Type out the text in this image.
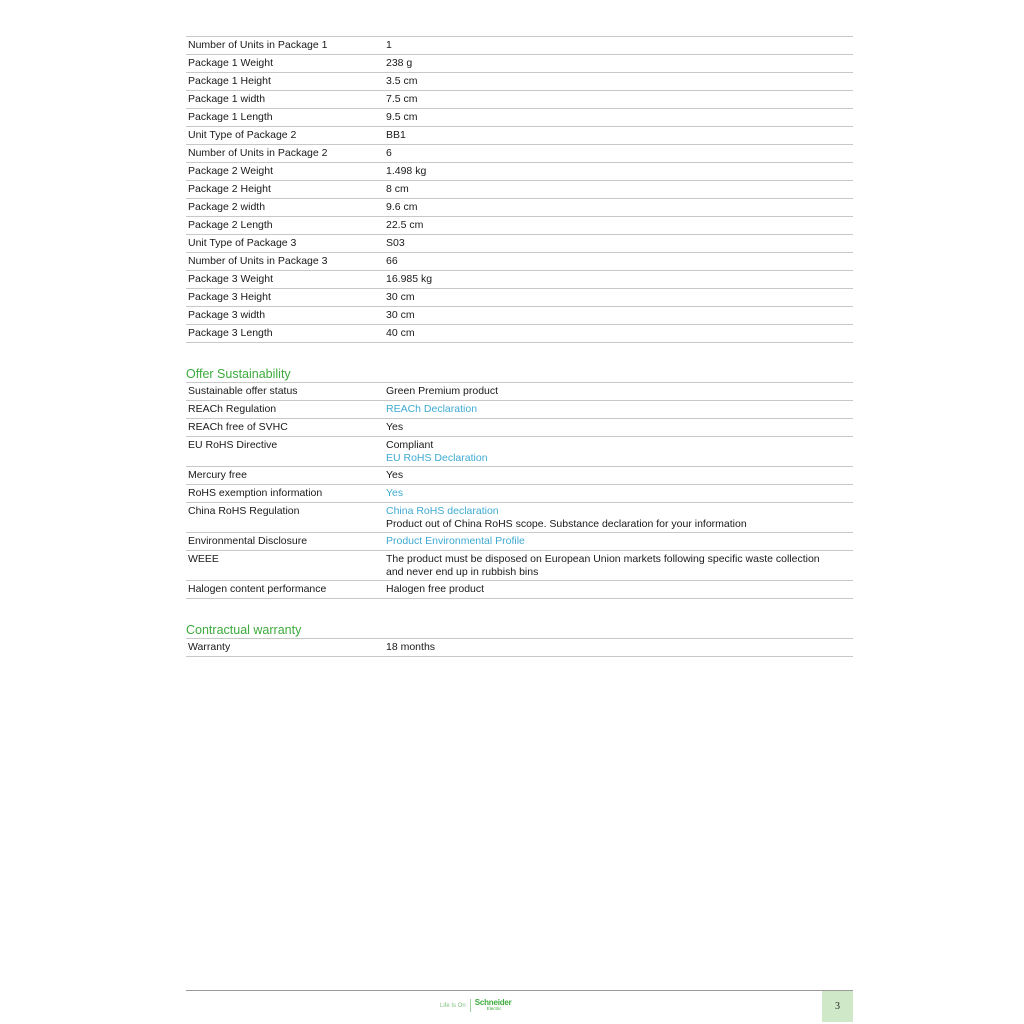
Number of Units in Package 1	1
Package 1 Weight	238 g
Package 1 Height	3.5 cm
Package 1 width	7.5 cm
Package 1 Length	9.5 cm
Unit Type of Package 2	BB1
Number of Units in Package 2	6
Package 2 Weight	1.498 kg
Package 2 Height	8 cm
Package 2 width	9.6 cm
Package 2 Length	22.5 cm
Unit Type of Package 3	S03
Number of Units in Package 3	66
Package 3 Weight	16.985 kg
Package 3 Height	30 cm
Package 3 width	30 cm
Package 3 Length	40 cm
Offer Sustainability
Sustainable offer status	Green Premium product
REACh Regulation	REACh Declaration
REACh free of SVHC	Yes
EU RoHS Directive	Compliant
EU RoHS Declaration
Mercury free	Yes
RoHS exemption information	Yes
China RoHS Regulation	China RoHS declaration
Product out of China RoHS scope. Substance declaration for your information
Environmental Disclosure	Product Environmental Profile
WEEE	The product must be disposed on European Union markets following specific waste collection and never end up in rubbish bins
Halogen content performance	Halogen free product
Contractual warranty
Warranty	18 months
Life Is On Schneider
Electric	3
